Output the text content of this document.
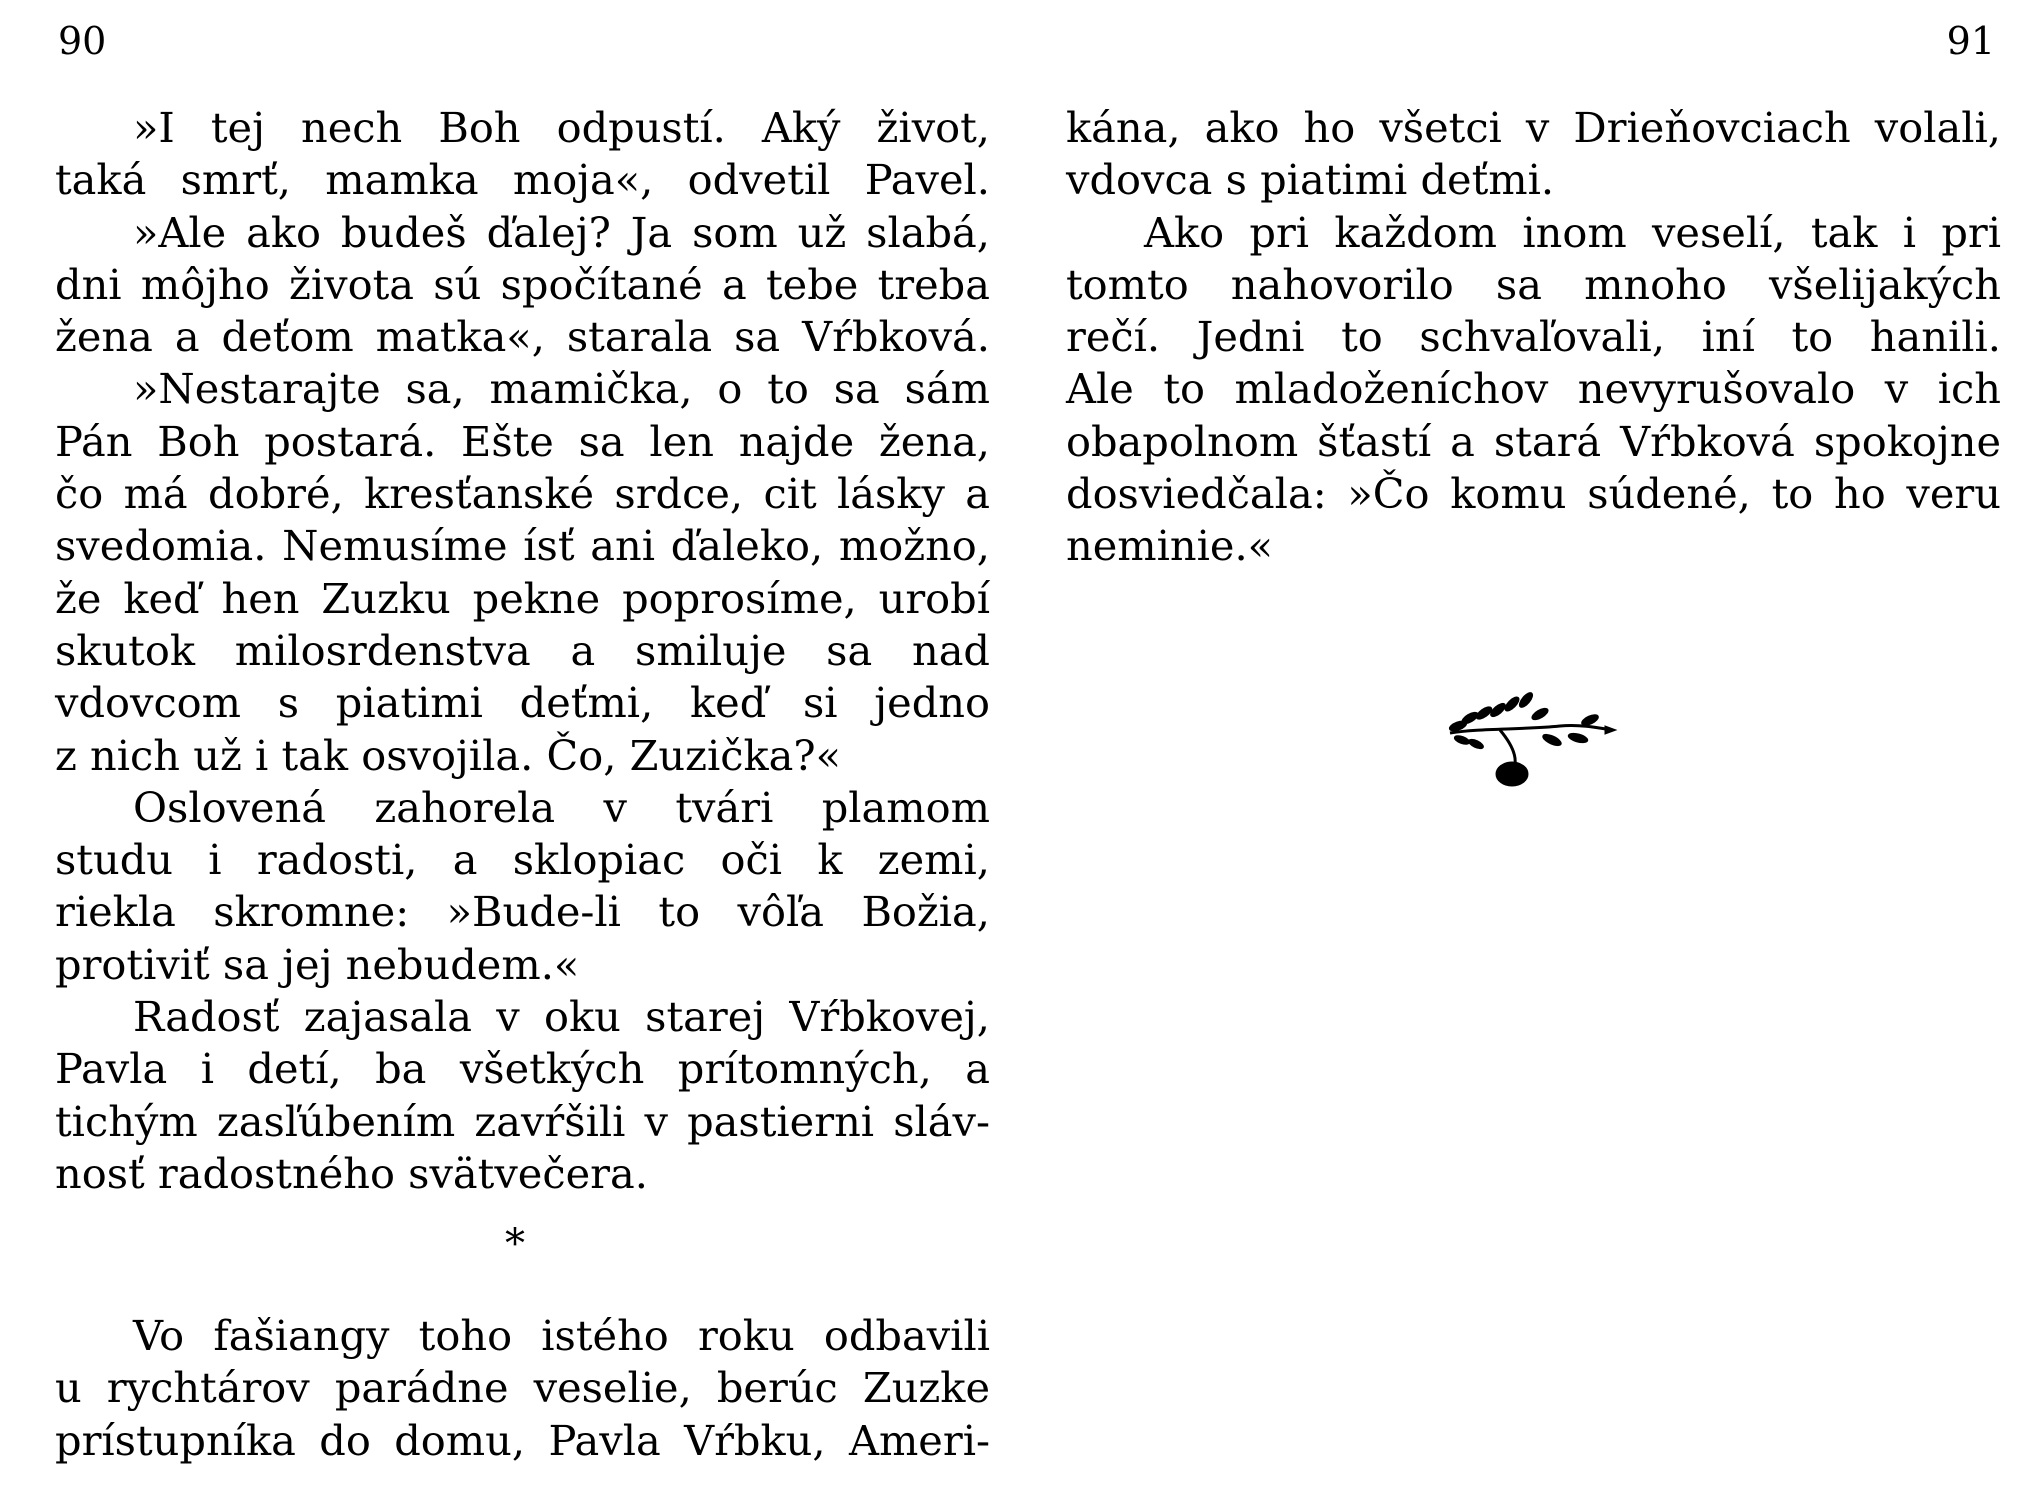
90	91
»I tej nech Boh odpustí. Aký život,
taká smrť, mamka moja«, odvetil Pavel.
»Ale ako budeš ďalej? Ja som už slabá,
dni môjho života sú spočítané a tebe treba
žena a deťom matka«, starala sa Vŕbková.
»Nestarajte sa, mamička, o to sa sám
Pán Boh postará. Ešte sa len najde žena,
čo má dobré, kresťanské srdce, cit lásky a
svedomia. Nemusíme ísť ani ďaleko, možno,
že keď hen Zuzku pekne poprosíme, urobí
skutok milosrdenstva a smiluje sa nad
vdovcom s piatimi deťmi, keď si jedno
z nich už i tak osvojila. Čo, Zuzička?«
Oslovená zahorela v tvári plamom
studu i radosti, a sklopiac oči k zemi,
riekla skromne: »Bude-li to vôľa Božia,
protiviť sa jej nebudem.«
Radosť zajasala v oku starej Vŕbkovej,
Pavla i detí, ba všetkých prítomných, a
tichým zasľúbením zavŕšili v pastierni sláv-
nosť radostného svätvečera.
*
Vo fašiangy toho istého roku odbavili
u rychtárov parádne veselie, berúc Zuzke
prístupníka do domu, Pavla Vŕbku, Ameri-
kána, ako ho všetci v Drieňovciach volali,
vdovca s piatimi deťmi.
Ako pri každom inom veselí, tak i pri
tomto nahovorilo sa mnoho všelijakých
rečí. Jedni to schvaľovali, iní to hanili.
Ale to mladoženíchov nevyrušovalo v ich
obapolnom šťastí a stará Vŕbková spokojne
dosviedčala: »Čo komu súdené, to ho veru
neminie.«
